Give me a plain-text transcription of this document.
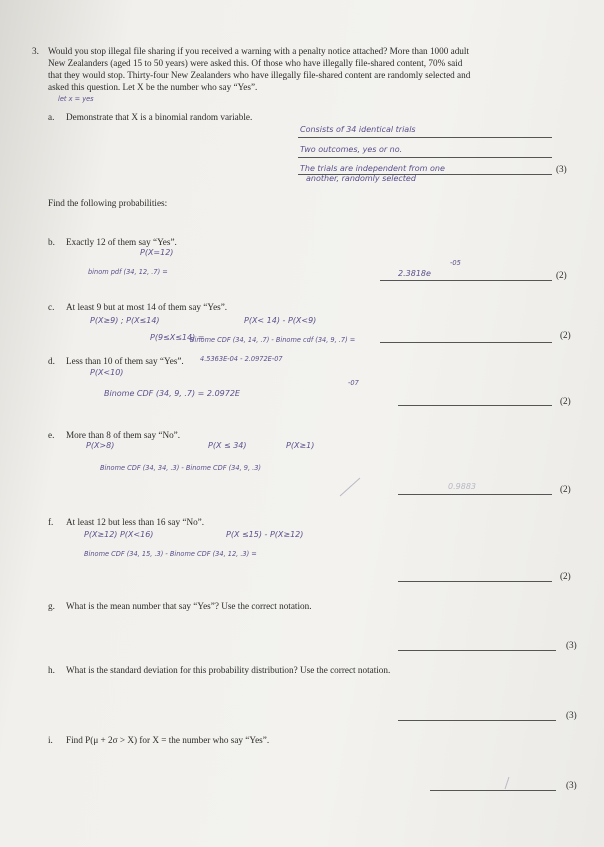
3. Would you stop illegal file sharing if you received a warning with a penalty notice attached? More than 1000 adult
New Zealanders (aged 15 to 50 years) were asked this. Of those who have illegally file-shared content, 70% said
that they would stop. Thirty-four New Zealanders who have illegally file-shared content are randomly selected and
asked this question. Let X be the number who say “Yes”.
let x = yes
a. Demonstrate that X is a binomial random variable.
Consists of 34 identical trials
Two outcomes, yes or no.
The trials are independent from one
another, randomly selected
(3)
Find the following probabilities:
b. Exactly 12 of them say “Yes”.
P(X=12)
binom pdf (34, 12, .7) =
-05
2.3818e	(2)
c. At least 9 but at most 14 of them say “Yes”.
P(X≥9) ; P(X≤14)	P(X< 14) - P(X<9)
P(9≤X≤14) =
Binome CDF (34, 14, .7) - Binome cdf (34, 9, .7) =	(2)
d. Less than 10 of them say “Yes”. 4.5363E-04 - 2.0972E-07
P(X<10)
-07
Binome CDF (34, 9, .7) = 2.0972E
(2)
e. More than 8 of them say “No”.
P(X>8)	P(X ≤ 34)	P(X≥1)
Binome CDF (34, 34, .3) - Binome CDF (34, 9, .3)
0.9883	(2)
f. At least 12 but less than 16 say “No”.
P(X≥12) P(X<16)	P(X ≤15) - P(X≥12)
Binome CDF (34, 15, .3) - Binome CDF (34, 12, .3) =
(2)
g. What is the mean number that say “Yes”? Use the correct notation.
(3)
h. What is the standard deviation for this probability distribution? Use the correct notation.
(3)
i. Find P(μ + 2σ > X) for X = the number who say “Yes”.
(3)
